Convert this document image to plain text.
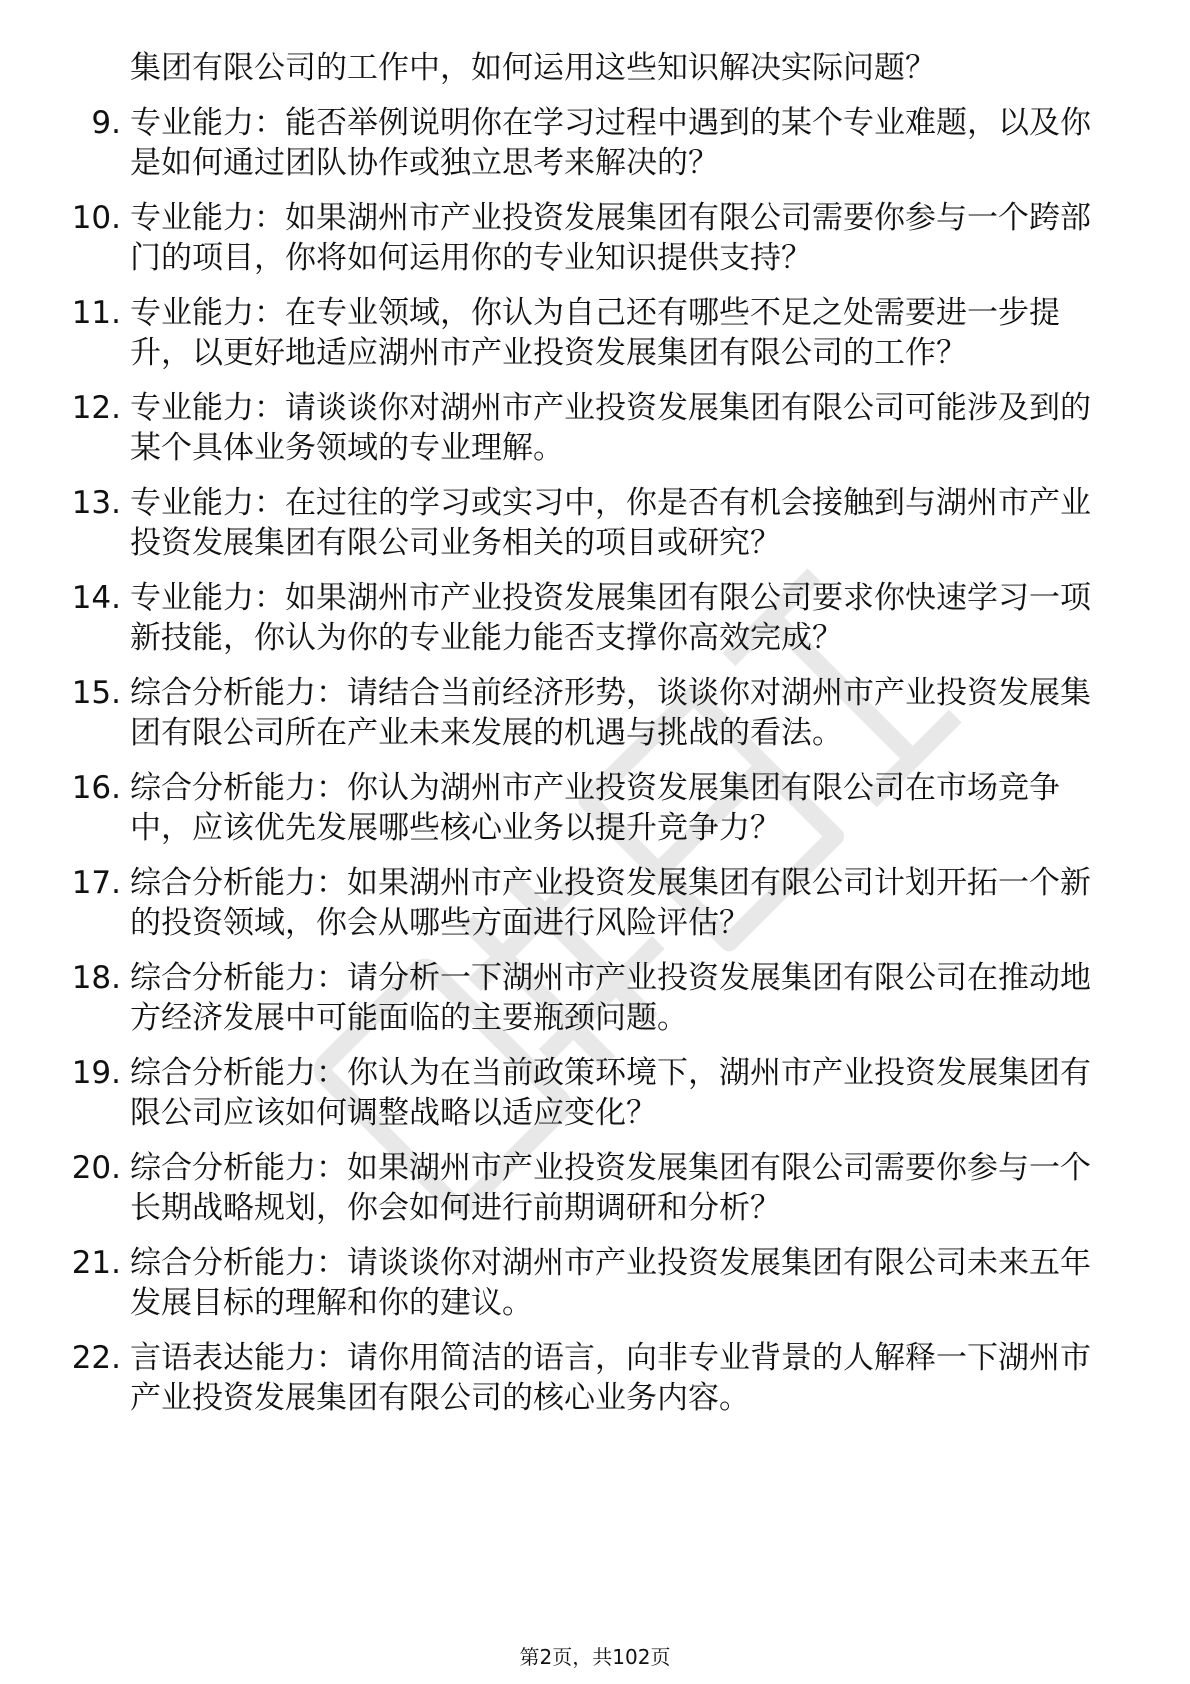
集团有限公司的工作中，如何运用这些知识解决实际问题？
9. 专业能力：能否举例说明你在学习过程中遇到的某个专业难题，以及你是如何通过团队协作或独立思考来解决的？
10. 专业能力：如果湖州市产业投资发展集团有限公司需要你参与一个跨部门的项目，你将如何运用你的专业知识提供支持？
11. 专业能力：在专业领域，你认为自己还有哪些不足之处需要进一步提升，以更好地适应湖州市产业投资发展集团有限公司的工作？
12. 专业能力：请谈谈你对湖州市产业投资发展集团有限公司可能涉及到的某个具体业务领域的专业理解。
13. 专业能力：在过往的学习或实习中，你是否有机会接触到与湖州市产业投资发展集团有限公司业务相关的项目或研究？
14. 专业能力：如果湖州市产业投资发展集团有限公司要求你快速学习一项新技能，你认为你的专业能力能否支撑你高效完成？
15. 综合分析能力：请结合当前经济形势，谈谈你对湖州市产业投资发展集团有限公司所在产业未来发展的机遇与挑战的看法。
16. 综合分析能力：你认为湖州市产业投资发展集团有限公司在市场竞争中，应该优先发展哪些核心业务以提升竞争力？
17. 综合分析能力：如果湖州市产业投资发展集团有限公司计划开拓一个新的投资领域，你会从哪些方面进行风险评估？
18. 综合分析能力：请分析一下湖州市产业投资发展集团有限公司在推动地方经济发展中可能面临的主要瓶颈问题。
19. 综合分析能力：你认为在当前政策环境下，湖州市产业投资发展集团有限公司应该如何调整战略以适应变化？
20. 综合分析能力：如果湖州市产业投资发展集团有限公司需要你参与一个长期战略规划，你会如何进行前期调研和分析？
21. 综合分析能力：请谈谈你对湖州市产业投资发展集团有限公司未来五年发展目标的理解和你的建议。
22. 言语表达能力：请你用简洁的语言，向非专业背景的人解释一下湖州市产业投资发展集团有限公司的核心业务内容。
第2页，共102页
